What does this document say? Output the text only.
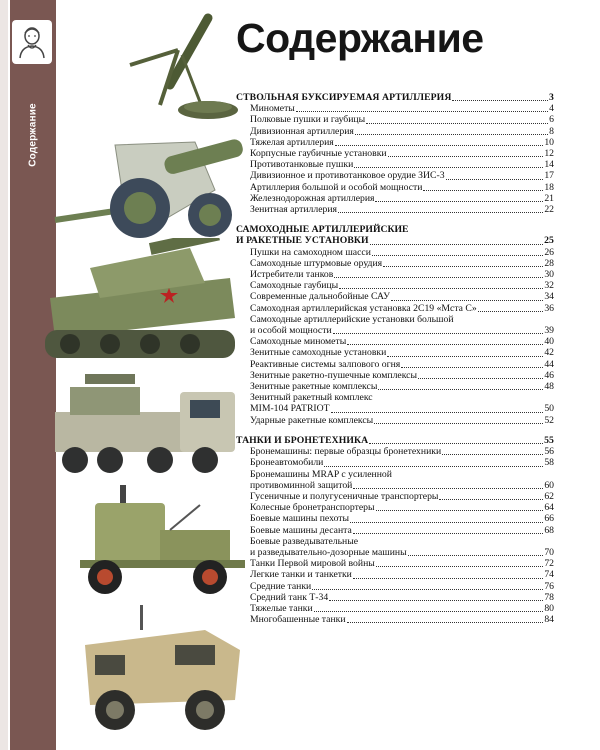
Содержание
Содержание
СТВОЛЬНАЯ БУКСИРУЕМАЯ АРТИЛЛЕРИЯ	3
Минометы	4
Полковые пушки и гаубицы	6
Дивизионная артиллерия	8
Тяжелая артиллерия	10
Корпусные гаубичные установки	12
Противотанковые пушки	14
Дивизионное и противотанковое орудие ЗИС-3	17
Артиллерия большой и особой мощности	18
Железнодорожная артиллерия	21
Зенитная артиллерия	22
САМОХОДНЫЕ АРТИЛЛЕРИЙСКИЕ
И РАКЕТНЫЕ УСТАНОВКИ	25
Пушки на самоходном шасси	26
Самоходные штурмовые орудия	28
Истребители танков	30
Самоходные гаубицы	32
Современные дальнобойные САУ	34
Самоходная артиллерийская установка 2С19 «Мста С»	36
Самоходные артиллерийские установки большой
и особой мощности	39
Самоходные минометы	40
Зенитные самоходные установки	42
Реактивные системы залпового огня	44
Зенитные ракетно-пушечные комплексы	46
Зенитные ракетные комплексы	48
Зенитный ракетный комплекс
MIM-104 PATRIOT	50
Ударные ракетные комплексы	52
ТАНКИ И БРОНЕТЕХНИКА	55
Бронемашины: первые образцы бронетехники	56
Бронеавтомобили	58
Бронемашины MRAP с усиленной
противоминной защитой	60
Гусеничные и полугусеничные транспортеры	62
Колесные бронетранспортеры	64
Боевые машины пехоты	66
Боевые машины десанта	68
Боевые разведывательные
и разведывательно-дозорные машины	70
Танки Первой мировой войны	72
Легкие танки и танкетки	74
Средние танки	76
Средний танк Т-34	78
Тяжелые танки	80
Многобашенные танки	84
